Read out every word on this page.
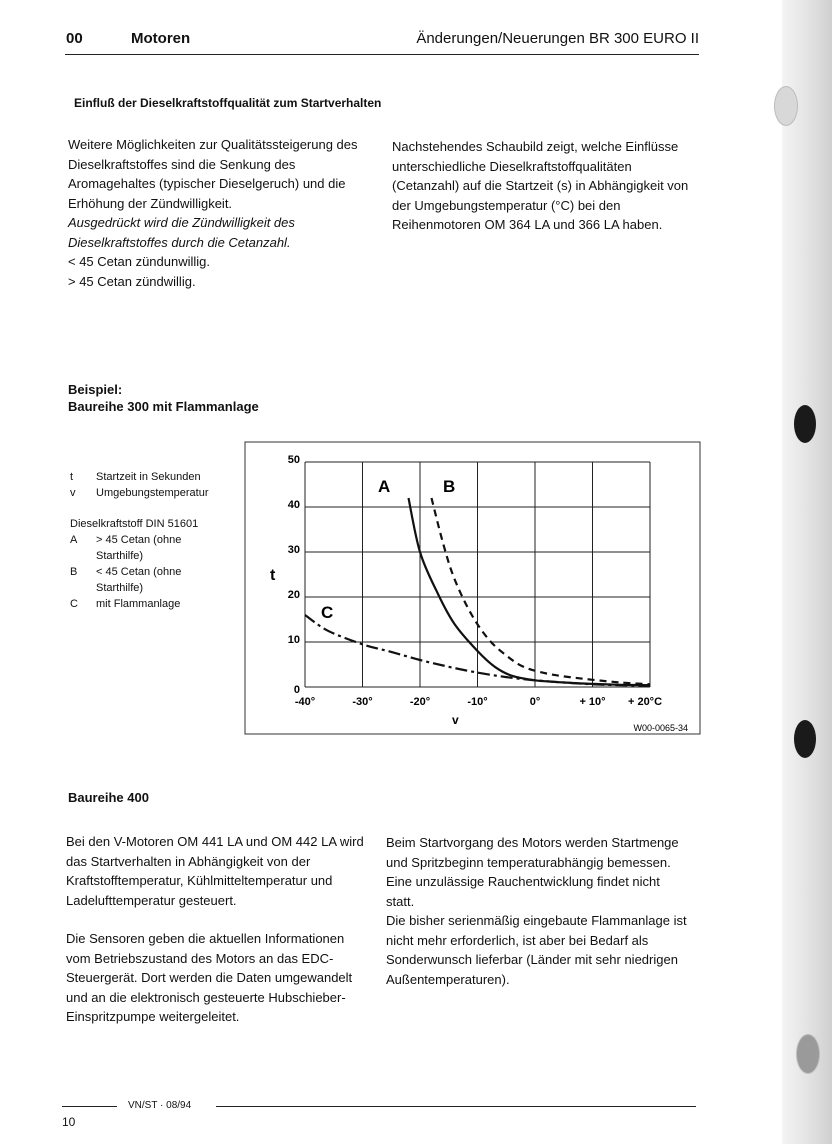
00	Motoren	Änderungen/Neuerungen BR 300 EURO II
Einfluß der Dieselkraftstoffqualität zum Startverhalten

Weitere Möglichkeiten zur Qualitätssteigerung des Dieselkraftstoffes sind die Senkung des Aromagehaltes (typischer Dieselgeruch) und die Erhöhung der Zündwilligkeit.

Ausgedrückt wird die Zündwilligkeit des Dieselkraftstoffes durch die Cetanzahl.

< 45 Cetan zündunwillig.

> 45 Cetan zündwillig.

Nachstehendes Schaubild zeigt, welche Einflüsse unterschiedliche Dieselkraftstoffqualitäten (Cetanzahl) auf die Startzeit (s) in Abhängigkeit von der Umgebungstemperatur (°C) bei den Reihenmotoren OM 364 LA und 366 LA haben.

Beispiel:
Baureihe 300 mit Flammanlage
t	Startzeit in Sekunden
v	Umgebungstemperatur
Dieselkraftstoff DIN 51601
A	> 45 Cetan (ohne Starthilfe)
B	< 45 Cetan (ohne Starthilfe)
C	mit Flammanlage
-40°	-30°	-20°	-10°	0°	+ 10° + 20°C
0
10
20
30
40
50
t
v
A	B
C
W00-0065-34
Baureihe 400

Bei den V-Motoren OM 441 LA und OM 442 LA wird das Startverhalten in Abhängigkeit von der Kraftstofftemperatur, Kühlmitteltemperatur und Ladelufttemperatur gesteuert.

Die Sensoren geben die aktuellen Informationen vom Betriebszustand des Motors an das EDC-Steuergerät. Dort werden die Daten umgewandelt und an die elektronisch gesteuerte Hubschieber-Einspritzpumpe weitergeleitet.

Beim Startvorgang des Motors werden Startmenge und Spritzbeginn temperaturabhängig bemessen. Eine unzulässige Rauchentwicklung findet nicht statt.

Die bisher serienmäßig eingebaute Flammanlage ist nicht mehr erforderlich, ist aber bei Bedarf als Sonderwunsch lieferbar (Länder mit sehr niedrigen Außentemperaturen).

VN/ST · 08/94
10
